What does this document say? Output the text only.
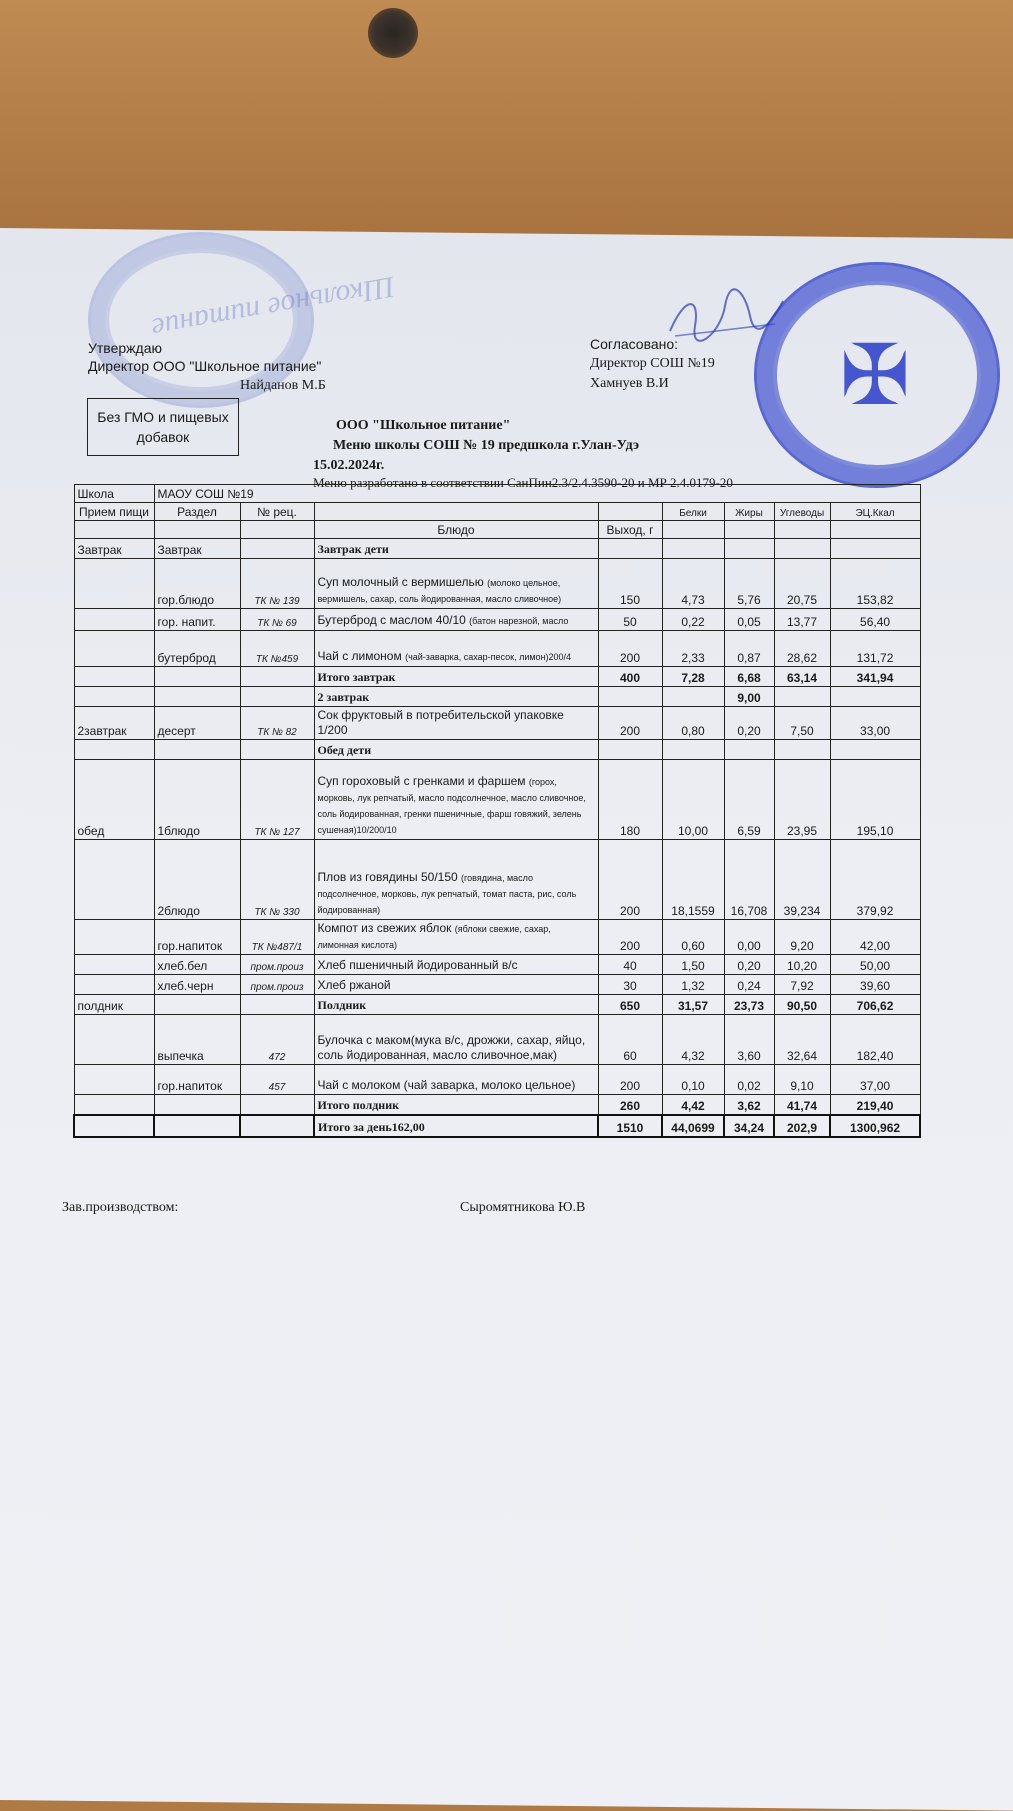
Школьное питание
✠
Утверждаю
Директор ООО "Школьное питание"
Найданов М.Б
Согласовано:
Директор СОШ №19
Хамнуев В.И
Без ГМО и пищевых добавок
ООО "Школьное питание"
Меню школы СОШ № 19 предшкола г.Улан-Удэ
15.02.2024г.
Меню разработано в соответствии СанПин2.3/2.4.3590-20 и МР 2.4.0179-20
Школа	МАОУ СОШ №19							
Прием пищи	Раздел	№ рец.			Белки	Жиры	Углеводы	ЭЦ.Ккал
			Блюдо	Выход, г				
Завтрак	Завтрак		Завтрак дети					
	гор.блюдо	ТК № 139	Суп молочный с вермишелью (молоко цельное, вермишель, сахар, соль йодированная, масло сливочное)	150	4,73	5,76	20,75	153,82
	гор. напит.	ТК № 69	Бутерброд с маслом 40/10 (батон нарезной, масло	50	0,22	0,05	13,77	56,40
	бутерброд	ТК №459	Чай с лимоном (чай-заварка, сахар-песок, лимон)200/4	200	2,33	0,87	28,62	131,72
			Итого завтрак	400	7,28	6,68	63,14	341,94
			2 завтрак			9,00		
2завтрак	десерт	ТК № 82	Сок фруктовый в потребительской упаковке 1/200	200	0,80	0,20	7,50	33,00
			Обед дети					
обед	1блюдо	ТК № 127	Суп гороховый с гренками и фаршем (горох, морковь, лук репчатый, масло подсолнечное, масло сливочное, соль йодированная, гренки пшеничные, фарш говяжий, зелень сушеная)10/200/10	180	10,00	6,59	23,95	195,10
	2блюдо	ТК № 330	Плов из говядины 50/150 (говядина, масло подсолнечное, морковь, лук репчатый, томат паста, рис, соль йодированная)	200	18,1559	16,708	39,234	379,92
	гор.напиток	ТК №487/1	Компот из свежих яблок (яблоки свежие, сахар, лимонная кислота)	200	0,60	0,00	9,20	42,00
	хлеб.бел	пром.произ	Хлеб пшеничный йодированный в/с	40	1,50	0,20	10,20	50,00
	хлеб.черн	пром.произ	Хлеб ржаной	30	1,32	0,24	7,92	39,60
полдник			Полдник	650	31,57	23,73	90,50	706,62
	выпечка	472	Булочка с маком(мука в/с, дрожжи, сахар, яйцо, соль йодированная, масло сливочное,мак)	60	4,32	3,60	32,64	182,40
	гор.напиток	457	Чай с молоком (чай заварка, молоко цельное)	200	0,10	0,02	9,10	37,00
			Итого полдник	260	4,42	3,62	41,74	219,40
			Итого за день162,00	1510	44,0699	34,24	202,9	1300,962
Зав.производством:	Сыромятникова Ю.В
